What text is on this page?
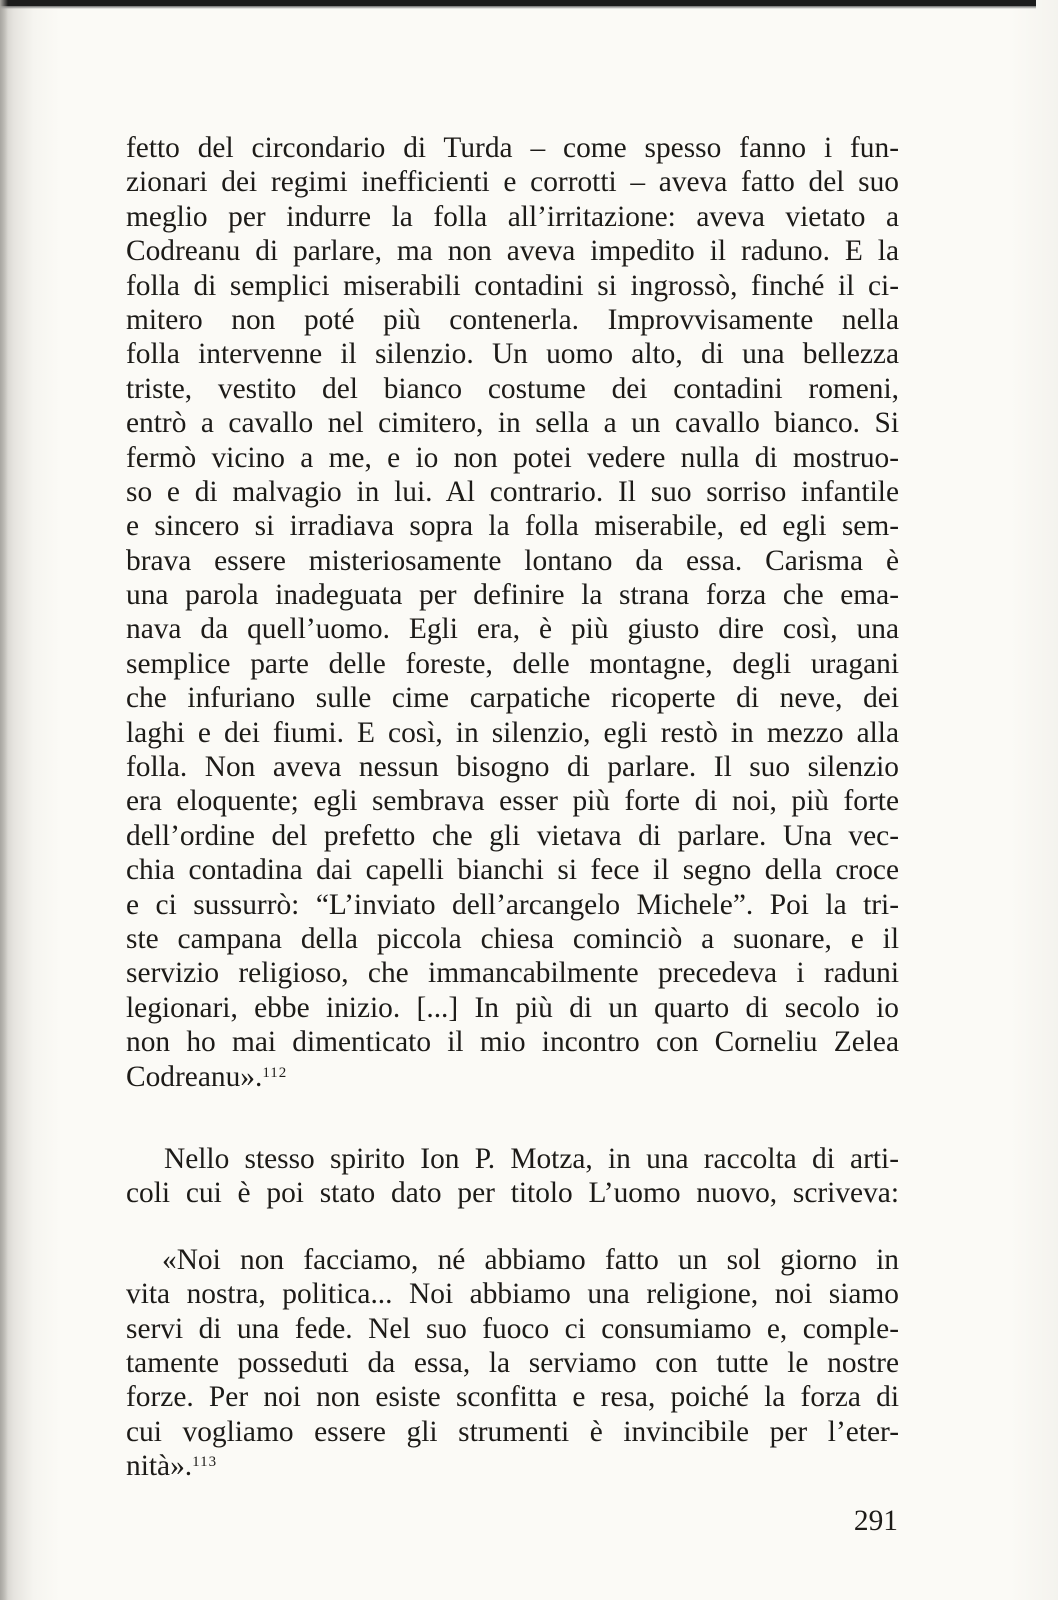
fetto del circondario di Turda – come spesso fanno i fun-
zionari dei regimi inefficienti e corrotti – aveva fatto del suo
meglio per indurre la folla all’irritazione: aveva vietato a
Codreanu di parlare, ma non aveva impedito il raduno. E la
folla di semplici miserabili contadini si ingrossò, finché il ci-
mitero non poté più contenerla. Improvvisamente nella
folla intervenne il silenzio. Un uomo alto, di una bellezza
triste, vestito del bianco costume dei contadini romeni,
entrò a cavallo nel cimitero, in sella a un cavallo bianco. Si
fermò vicino a me, e io non potei vedere nulla di mostruo-
so e di malvagio in lui. Al contrario. Il suo sorriso infantile
e sincero si irradiava sopra la folla miserabile, ed egli sem-
brava essere misteriosamente lontano da essa. Carisma è
una parola inadeguata per definire la strana forza che ema-
nava da quell’uomo. Egli era, è più giusto dire così, una
semplice parte delle foreste, delle montagne, degli uragani
che infuriano sulle cime carpatiche ricoperte di neve, dei
laghi e dei fiumi. E così, in silenzio, egli restò in mezzo alla
folla. Non aveva nessun bisogno di parlare. Il suo silenzio
era eloquente; egli sembrava esser più forte di noi, più forte
dell’ordine del prefetto che gli vietava di parlare. Una vec-
chia contadina dai capelli bianchi si fece il segno della croce
e ci sussurrò: “L’inviato dell’arcangelo Michele”. Poi la tri-
ste campana della piccola chiesa cominciò a suonare, e il
servizio religioso, che immancabilmente precedeva i raduni
legionari, ebbe inizio. [...] In più di un quarto di secolo io
non ho mai dimenticato il mio incontro con Corneliu Zelea
Codreanu».$^{112}$
Nello stesso spirito Ion P. Motza, in una raccolta di arti-
coli cui è poi stato dato per titolo L’uomo nuovo, scriveva:
«Noi non facciamo, né abbiamo fatto un sol giorno in
vita nostra, politica... Noi abbiamo una religione, noi siamo
servi di una fede. Nel suo fuoco ci consumiamo e, comple-
tamente posseduti da essa, la serviamo con tutte le nostre
forze. Per noi non esiste sconfitta e resa, poiché la forza di
cui vogliamo essere gli strumenti è invincibile per l’eter-
nità».$^{113}$
291
